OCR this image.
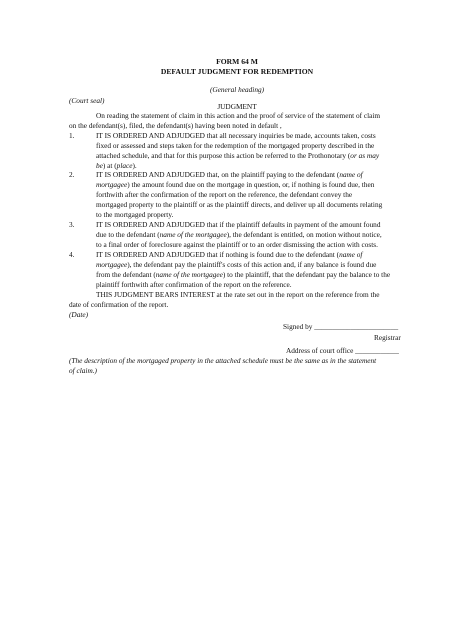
FORM 64 M
DEFAULT JUDGMENT FOR REDEMPTION
(General heading)
(Court seal)
JUDGMENT
On reading the statement of claim in this action and the proof of service of the statement of claim
on the defendant(s), filed, the defendant(s) having been noted in default ,
1.	IT IS ORDERED AND ADJUDGED that all necessary inquiries be made, accounts taken, costs
fixed or assessed and steps taken for the redemption of the mortgaged property described in the
attached schedule, and that for this purpose this action be referred to the Prothonotary (or as may
be) at (place).
2.	IT IS ORDERED AND ADJUDGED that, on the plaintiff paying to the defendant (name of
mortgagee) the amount found due on the mortgage in question, or, if nothing is found due, then
forthwith after the confirmation of the report on the reference, the defendant convey the
mortgaged property to the plaintiff or as the plaintiff directs, and deliver up all documents relating
to the mortgaged property.
3.	IT IS ORDERED AND ADJUDGED that if the plaintiff defaults in payment of the amount found
due to the defendant (name of the mortgagee), the defendant is entitled, on motion without notice,
to a final order of foreclosure against the plaintiff or to an order dismissing the action with costs.
4.	IT IS ORDERED AND ADJUDGED that if nothing is found due to the defendant (name of
mortgagee), the defendant pay the plaintiff's costs of this action and, if any balance is found due
from the defendant (name of the mortgagee) to the plaintiff, that the defendant pay the balance to the
plaintiff forthwith after confirmation of the report on the reference.
THIS JUDGMENT BEARS INTEREST at the rate set out in the report on the reference from the
date of confirmation of the report.
(Date)
Signed by _______________________
Registrar
Address of court office ____________
(The description of the mortgaged property in the attached schedule must be the same as in the statement
of claim.)
